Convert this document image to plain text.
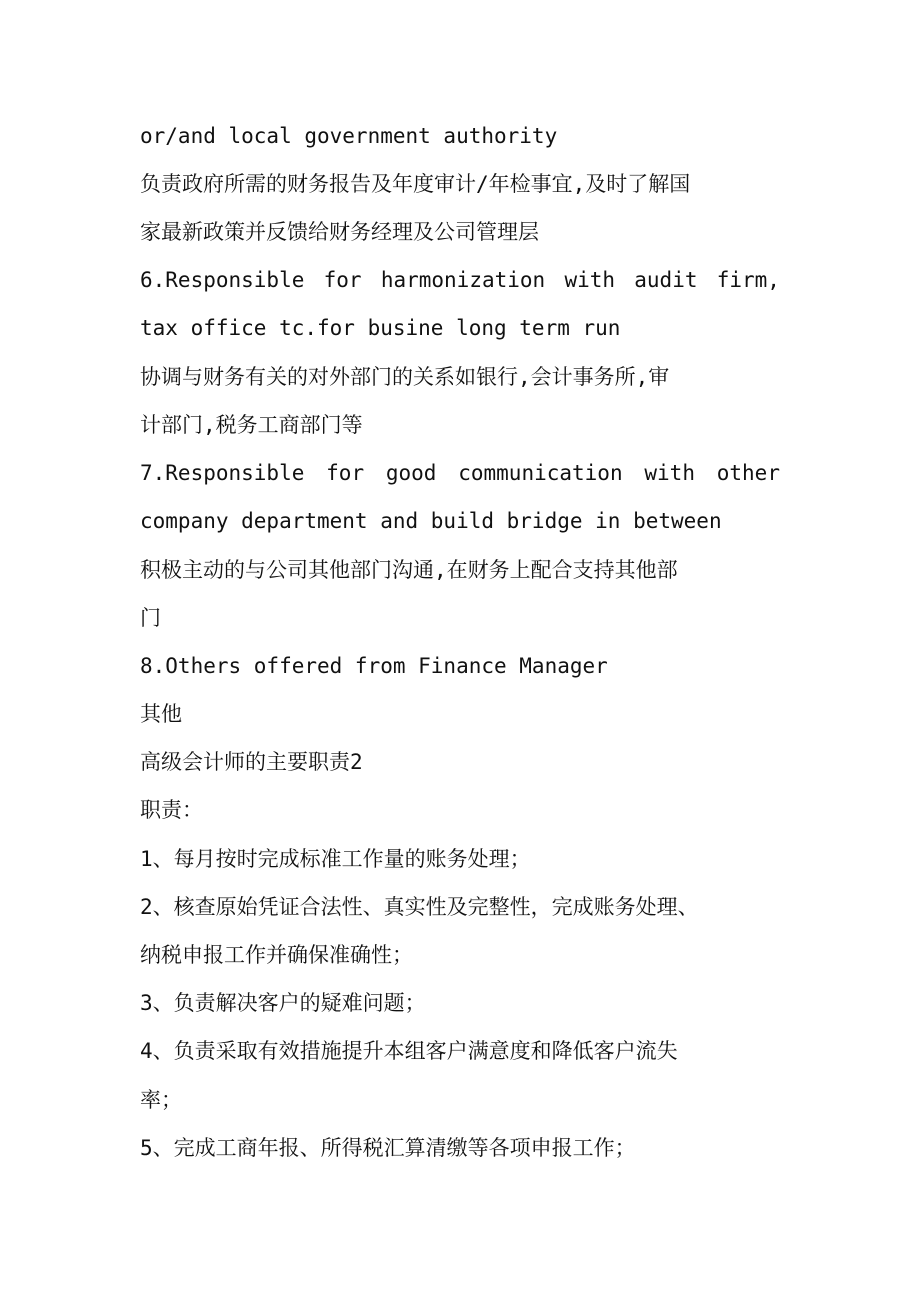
or/and local government authority
负责政府所需的财务报告及年度审计/年检事宜,及时了解国
家最新政策并反馈给财务经理及公司管理层
6.Responsible for harmonization with audit firm,
tax office tc.for busine long term run
协调与财务有关的对外部门的关系如银行,会计事务所,审
计部门,税务工商部门等
7.Responsible for good communication with other
company department and build bridge in between
积极主动的与公司其他部门沟通,在财务上配合支持其他部
门
8.Others offered from Finance Manager
其他
高级会计师的主要职责2
职责：
1、每月按时完成标准工作量的账务处理；
2、核查原始凭证合法性、真实性及完整性，完成账务处理、
纳税申报工作并确保准确性；
3、负责解决客户的疑难问题；
4、负责采取有效措施提升本组客户满意度和降低客户流失
率；
5、完成工商年报、所得税汇算清缴等各项申报工作；
